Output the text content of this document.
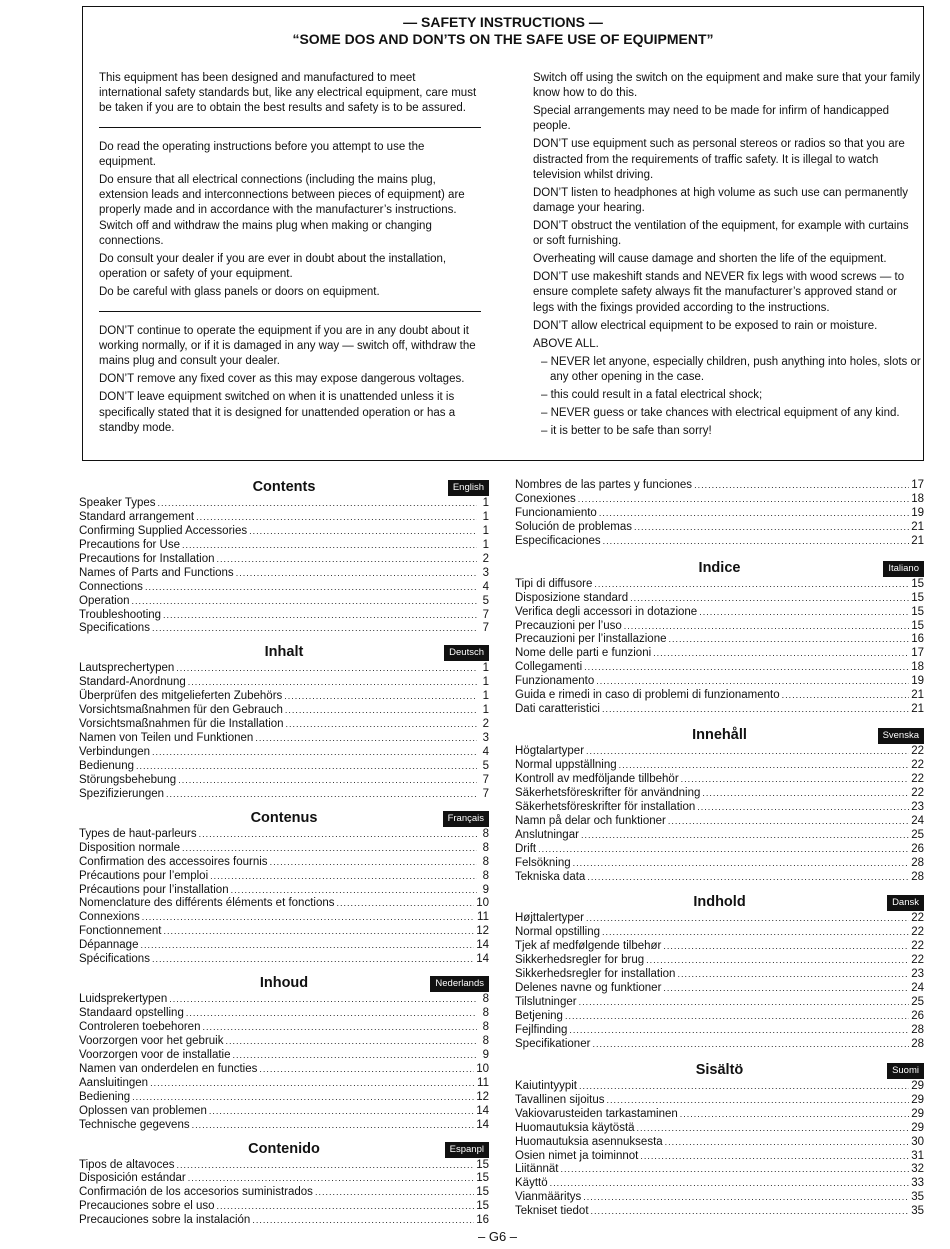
— SAFETY INSTRUCTIONS —
“SOME DOS AND DON’TS ON THE SAFE USE OF EQUIPMENT”

This equipment has been designed and manufactured to meet international safety standards but, like any electrical equipment, care must be taken if you are to obtain the best results and safety is to be assured.

Do read the operating instructions before you attempt to use the equipment.

Do ensure that all electrical connections (including the mains plug, extension leads and interconnections between pieces of equipment) are properly made and in accordance with the manufacturer’s instructions. Switch off and withdraw the mains plug when making or changing connections.

Do consult your dealer if you are ever in doubt about the installation, operation or safety of your equipment.

Do be careful with glass panels or doors on equipment.

DON’T continue to operate the equipment if you are in any doubt about it working normally, or if it is damaged in any way — switch off, withdraw the mains plug and consult your dealer.

DON’T remove any fixed cover as this may expose dangerous voltages.

DON’T leave equipment switched on when it is unattended unless it is specifically stated that it is designed for unattended operation or has a standby mode.

Switch off using the switch on the equipment and make sure that your family know how to do this.

Special arrangements may need to be made for infirm of handicapped people.

DON’T use equipment such as personal stereos or radios so that you are distracted from the requirements of traffic safety. It is illegal to watch television whilst driving.

DON’T listen to headphones at high volume as such use can permanently damage your hearing.

DON’T obstruct the ventilation of the equipment, for example with curtains or soft furnishing.

Overheating will cause damage and shorten the life of the equipment.

DON’T use makeshift stands and NEVER fix legs with wood screws — to ensure complete safety always fit the manufacturer’s approved stand or legs with the fixings provided according to the instructions.

DON’T allow electrical equipment to be exposed to rain or moisture.

ABOVE ALL.

– NEVER let anyone, especially children, push anything into holes, slots or any other opening in the case.

– this could result in a fatal electrical shock;

– NEVER guess or take chances with electrical equipment of any kind.

– it is better to be safe than sorry!

Contents	English
Speaker Types .....	1
Standard arrangement .....	1
Confirming Supplied Accessories .....	1
Precautions for Use .....	1
Precautions for Installation .....	2
Names of Parts and Functions .....	3
Connections .....	4
Operation .....	5
Troubleshooting .....	7
Specifications .....	7
Inhalt	Deutsch
Lautsprechertypen .....	1
Standard-Anordnung .....	1
Überprüfen des mitgelieferten Zubehörs .....	1
Vorsichtsmaßnahmen für den Gebrauch .....	1
Vorsichtsmaßnahmen für die Installation .....	2
Namen von Teilen und Funktionen .....	3
Verbindungen .....	4
Bedienung .....	5
Störungsbehebung .....	7
Spezifizierungen .....	7
Contenus	Français
Types de haut-parleurs .....	8
Disposition normale .....	8
Confirmation des accessoires fournis .....	8
Précautions pour l’emploi .....	8
Précautions pour l’installation .....	9
Nomenclature des différents éléments et fonctions .....	10
Connexions .....	11
Fonctionnement .....	12
Dépannage .....	14
Spécifications .....	14
Inhoud	Nederlands
Luidsprekertypen .....	8
Standaard opstelling .....	8
Controleren toebehoren .....	8
Voorzorgen voor het gebruik .....	8
Voorzorgen voor de installatie .....	9
Namen van onderdelen en functies .....	10
Aansluitingen .....	11
Bediening .....	12
Oplossen van problemen .....	14
Technische gegevens .....	14
Contenido	Espanpl
Tipos de altavoces .....	15
Disposición estándar .....	15
Confirmación de los accesorios suministrados .....	15
Precauciones sobre el uso .....	15
Precauciones sobre la instalación .....	16
Nombres de las partes y funciones .....	17
Conexiones .....	18
Funcionamiento .....	19
Solución de problemas .....	21
Especificaciones .....	21
Indice	Italiano
Tipi di diffusore .....	15
Disposizione standard .....	15
Verifica degli accessori in dotazione .....	15
Precauzioni per l’uso .....	15
Precauzioni per l’installazione .....	16
Nome delle parti e funzioni .....	17
Collegamenti .....	18
Funzionamento .....	19
Guida e rimedi in caso di problemi di funzionamento .....	21
Dati caratteristici .....	21
Innehåll	Svenska
Högtalartyper .....	22
Normal uppställning .....	22
Kontroll av medföljande tillbehör .....	22
Säkerhetsföreskrifter för användning .....	22
Säkerhetsföreskrifter för installation .....	23
Namn på delar och funktioner .....	24
Anslutningar .....	25
Drift .....	26
Felsökning .....	28
Tekniska data .....	28
Indhold	Dansk
Højttalertyper .....	22
Normal opstilling .....	22
Tjek af medfølgende tilbehør .....	22
Sikkerhedsregler for brug .....	22
Sikkerhedsregler for installation .....	23
Delenes navne og funktioner .....	24
Tilslutninger .....	25
Betjening .....	26
Fejlfinding .....	28
Specifikationer .....	28
Sisältö	Suomi
Kaiutintyypit .....	29
Tavallinen sijoitus .....	29
Vakiovarusteiden tarkastaminen .....	29
Huomautuksia käytöstä .....	29
Huomautuksia asennuksesta .....	30
Osien nimet ja toiminnot .....	31
Liitännät .....	32
Käyttö .....	33
Vianmääritys .....	35
Tekniset tiedot .....	35
– G6 –
